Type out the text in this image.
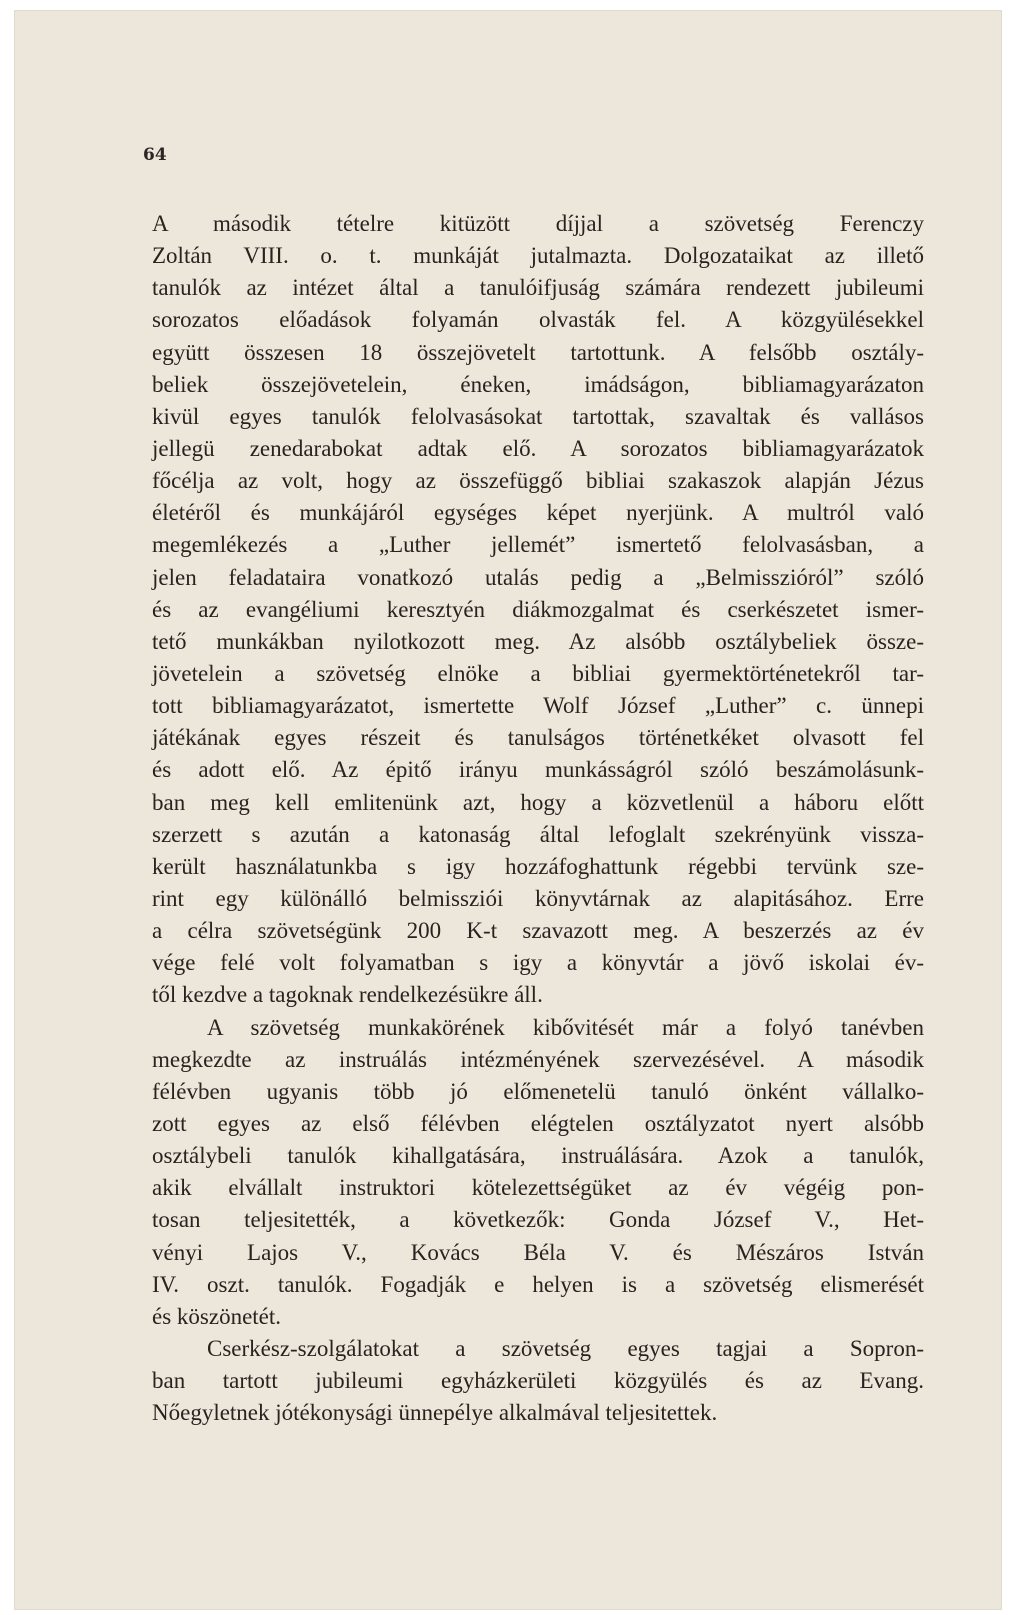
64
A második tételre kitüzött díjjal a szövetség Ferenczy
Zoltán VIII. o. t. munkáját jutalmazta. Dolgozataikat az illető
tanulók az intézet által a tanulóifjuság számára rendezett jubileumi
sorozatos előadások folyamán olvasták fel. A közgyülésekkel
együtt összesen 18 összejövetelt tartottunk. A felsőbb osztály-
beliek összejövetelein, éneken, imádságon, bibliamagyarázaton
kivül egyes tanulók felolvasásokat tartottak, szavaltak és vallásos
jellegü zenedarabokat adtak elő. A sorozatos bibliamagyarázatok
főcélja az volt, hogy az összefüggő bibliai szakaszok alapján Jézus
életéről és munkájáról egységes képet nyerjünk. A multról való
megemlékezés a „Luther jellemét” ismertető felolvasásban, a
jelen feladataira vonatkozó utalás pedig a „Belmisszióról” szóló
és az evangéliumi keresztyén diákmozgalmat és cserkészetet ismer-
tető munkákban nyilotkozott meg. Az alsóbb osztálybeliek össze-
jövetelein a szövetség elnöke a bibliai gyermektörténetekről tar-
tott bibliamagyarázatot, ismertette Wolf József „Luther” c. ünnepi
játékának egyes részeit és tanulságos történetkéket olvasott fel
és adott elő. Az épitő irányu munkásságról szóló beszámolásunk-
ban meg kell emlitenünk azt, hogy a közvetlenül a háboru előtt
szerzett s azután a katonaság által lefoglalt szekrényünk vissza-
került használatunkba s igy hozzáfoghattunk régebbi tervünk sze-
rint egy különálló belmissziói könyvtárnak az alapitásához. Erre
a célra szövetségünk 200 K-t szavazott meg. A beszerzés az év
vége felé volt folyamatban s igy a könyvtár a jövő iskolai év-
től kezdve a tagoknak rendelkezésükre áll.
A szövetség munkakörének kibővitését már a folyó tanévben
megkezdte az instruálás intézményének szervezésével. A második
félévben ugyanis több jó előmenetelü tanuló önként vállalko-
zott egyes az első félévben elégtelen osztályzatot nyert alsóbb
osztálybeli tanulók kihallgatására, instruálására. Azok a tanulók,
akik elvállalt instruktori kötelezettségüket az év végéig pon-
tosan teljesitették, a következők: Gonda József V., Het-
vényi Lajos V., Kovács Béla V. és Mészáros István
IV. oszt. tanulók. Fogadják e helyen is a szövetség elismerését
és köszönetét.
Cserkész-szolgálatokat a szövetség egyes tagjai a Sopron-
ban tartott jubileumi egyházkerületi közgyülés és az Evang.
Nőegyletnek jótékonysági ünnepélye alkalmával teljesitettek.
